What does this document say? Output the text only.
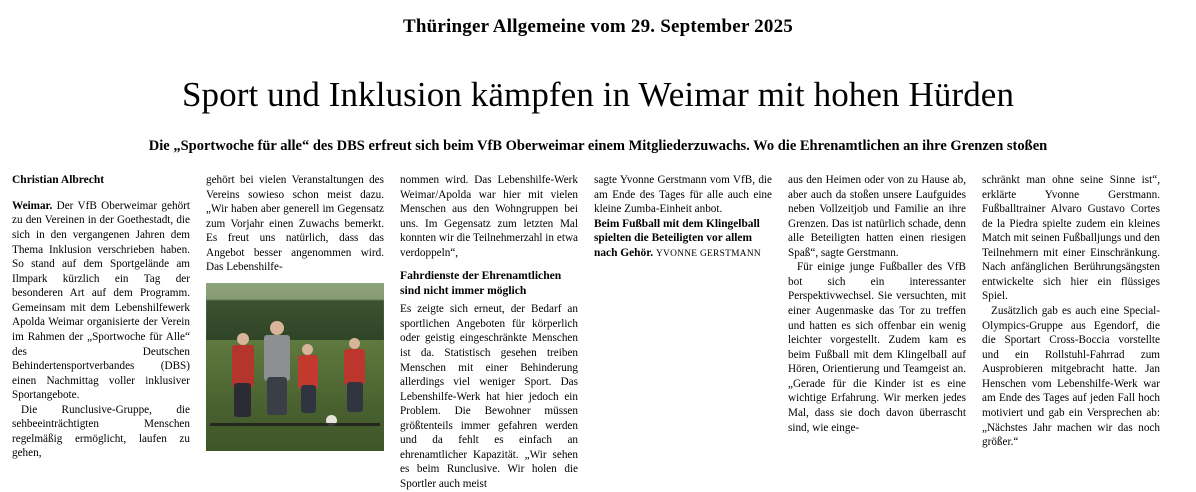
Thüringer Allgemeine vom 29. September 2025
Sport und Inklusion kämpfen in Weimar mit hohen Hürden
Die „Sportwoche für alle“ des DBS erfreut sich beim VfB Oberweimar einem Mitgliederzuwachs. Wo die Ehrenamtlichen an ihre Grenzen stoßen
Christian Albrecht

Weimar. Der VfB Oberweimar gehört zu den Vereinen in der Goethestadt, die sich in den vergangenen Jahren dem Thema Inklusion verschrieben haben. So stand auf dem Sportgelände am Ilmpark kürzlich ein Tag der besonderen Art auf dem Programm. Gemeinsam mit dem Lebenshilfewerk Apolda Weimar organisierte der Verein im Rahmen der „Sportwoche für Alle“ des Deutschen Behindertensportverbandes (DBS) einen Nachmittag voller inklusiver Sportangebote.

Die Runclusive-Gruppe, die sehbeeinträchtigten Menschen regelmäßig ermöglicht, laufen zu gehen,

gehört bei vielen Veranstaltungen des Vereins sowieso schon meist dazu. „Wir haben aber generell im Gegensatz zum Vorjahr einen Zuwachs bemerkt. Es freut uns natürlich, dass das Angebot besser angenommen wird. Das Lebenshilfe-

nommen wird. Das Lebenshilfe-Werk Weimar/Apolda war hier mit vielen Menschen aus den Wohngruppen bei uns. Im Gegensatz zum letzten Mal konnten wir die Teilnehmerzahl in etwa verdoppeln“,

Fahrdienste der Ehrenamtlichen sind nicht immer möglich

Es zeigte sich erneut, der Bedarf an sportlichen Angeboten für körperlich oder geistig eingeschränkte Menschen ist da. Statistisch gesehen treiben Menschen mit einer Behinderung allerdings viel weniger Sport. Das Lebenshilfe-Werk hat hier jedoch ein Problem. Die Bewohner müssen größtenteils immer gefahren werden und da fehlt es einfach an ehrenamtlicher Kapazität. „Wir sehen es beim Runclusive. Wir holen die Sportler auch meist

sagte Yvonne Gerstmann vom VfB, die am Ende des Tages für alle auch eine kleine Zumba-Einheit anbot.

Beim Fußball mit dem Klingelball spielten die Beteiligten vor allem nach Gehör. YVONNE GERSTMANN

aus den Heimen oder von zu Hause ab, aber auch da stoßen unsere Laufguides neben Vollzeitjob und Familie an ihre Grenzen. Das ist natürlich schade, denn alle Beteiligten hatten einen riesigen Spaß“, sagte Gerstmann.

Für einige junge Fußballer des VfB bot sich ein interessanter Perspektivwechsel. Sie versuchten, mit einer Augenmaske das Tor zu treffen und hatten es sich offenbar ein wenig leichter vorgestellt. Zudem kam es beim Fußball mit dem Klingelball auf Hören, Orientierung und Teamgeist an. „Gerade für die Kinder ist es eine wichtige Erfahrung. Wir merken jedes Mal, dass sie doch davon überrascht sind, wie einge-

schränkt man ohne seine Sinne ist“, erklärte Yvonne Gerstmann. Fußballtrainer Alvaro Gustavo Cortes de la Piedra spielte zudem ein kleines Match mit seinen Fußballjungs und den Teilnehmern mit einer Einschränkung. Nach anfänglichen Berührungsängsten entwickelte sich hier ein flüssiges Spiel.

Zusätzlich gab es auch eine Special-Olympics-Gruppe aus Egendorf, die die Sportart Cross-Boccia vorstellte und ein Rollstuhl-Fahrrad zum Ausprobieren mitgebracht hatte. Jan Henschen vom Lebenshilfe-Werk war am Ende des Tages auf jeden Fall hoch motiviert und gab ein Versprechen ab: „Nächstes Jahr machen wir das noch größer.“
